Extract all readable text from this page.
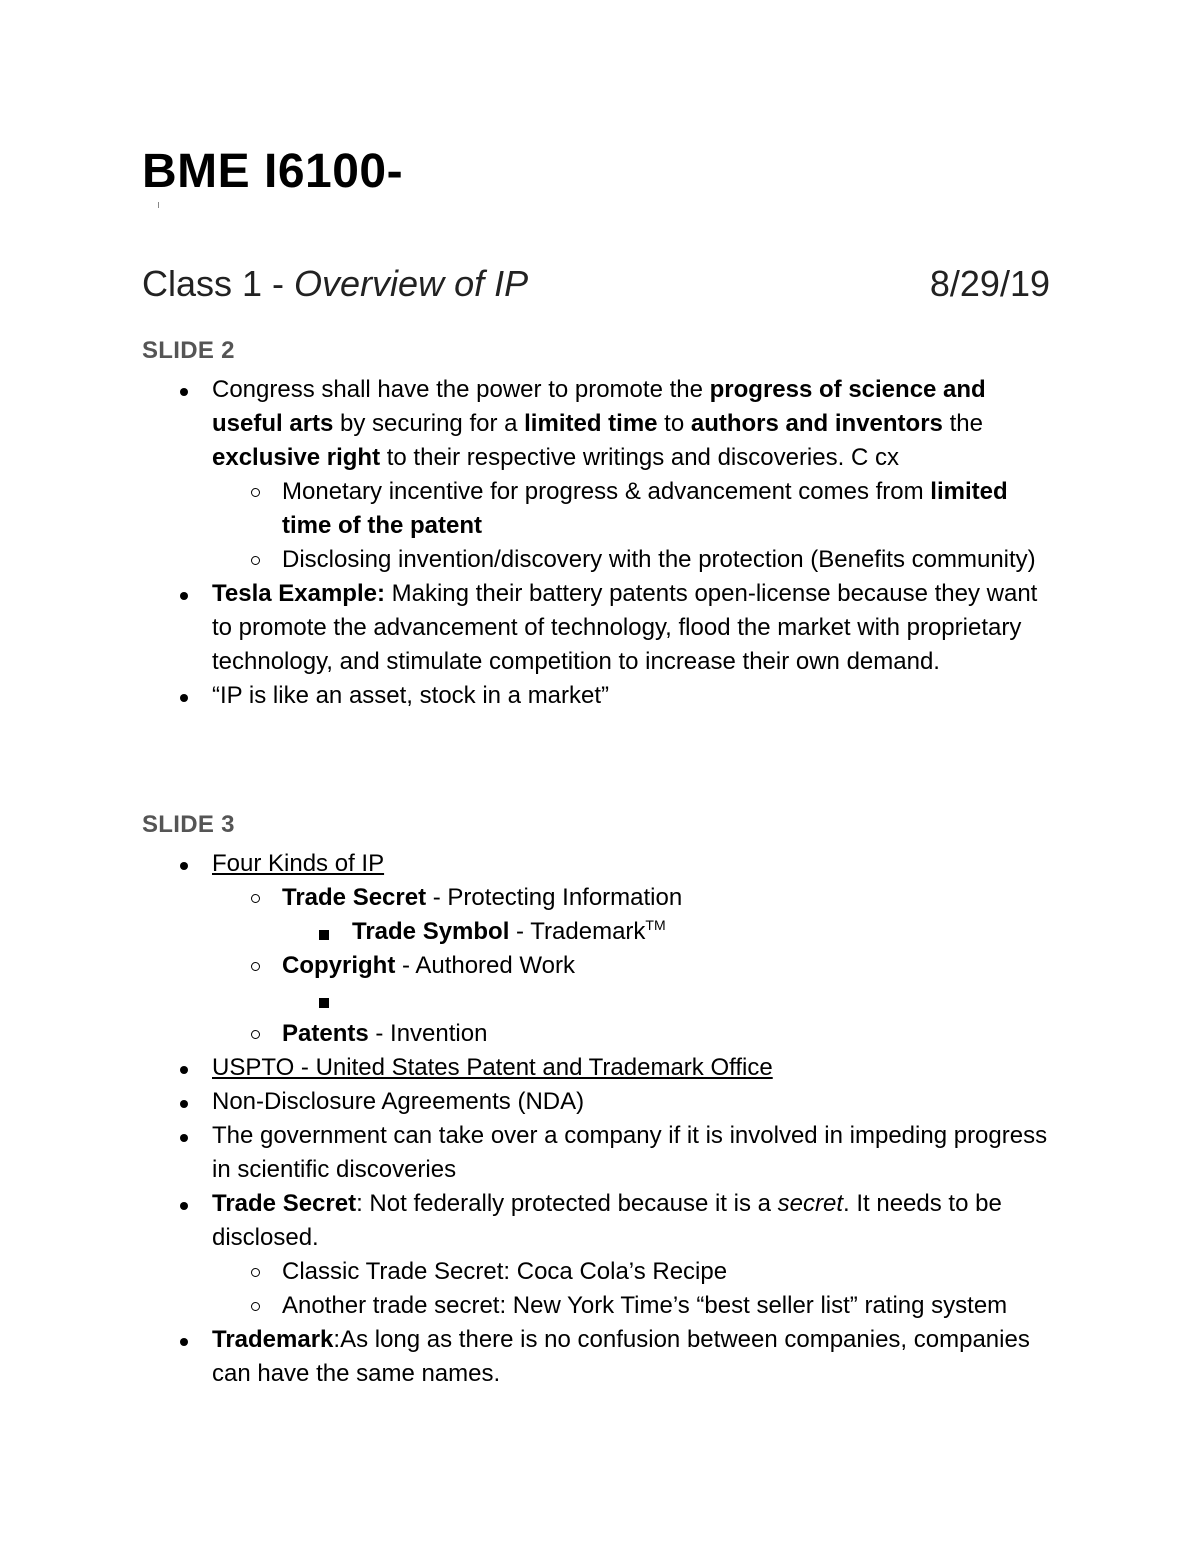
BME I6100-
Class 1 - Overview of IP	8/29/19
SLIDE 2
Congress shall have the power to promote the progress of science and useful arts by securing for a limited time to authors and inventors the exclusive right to their respective writings and discoveries. C cx
Monetary incentive for progress & advancement comes from limited time of the patent
Disclosing invention/discovery with the protection (Benefits community)
Tesla Example: Making their battery patents open-license because they want to promote the advancement of technology, flood the market with proprietary technology, and stimulate competition to increase their own demand.
“IP is like an asset, stock in a market”
SLIDE 3
Four Kinds of IP
Trade Secret - Protecting Information
Trade Symbol - Trademark™
Copyright - Authored Work
Patents - Invention
USPTO - United States Patent and Trademark Office
Non-Disclosure Agreements (NDA)
The government can take over a company if it is involved in impeding progress in scientific discoveries
Trade Secret: Not federally protected because it is a secret. It needs to be disclosed.
Classic Trade Secret: Coca Cola’s Recipe
Another trade secret: New York Time’s “best seller list” rating system
Trademark:As long as there is no confusion between companies, companies can have the same names.
